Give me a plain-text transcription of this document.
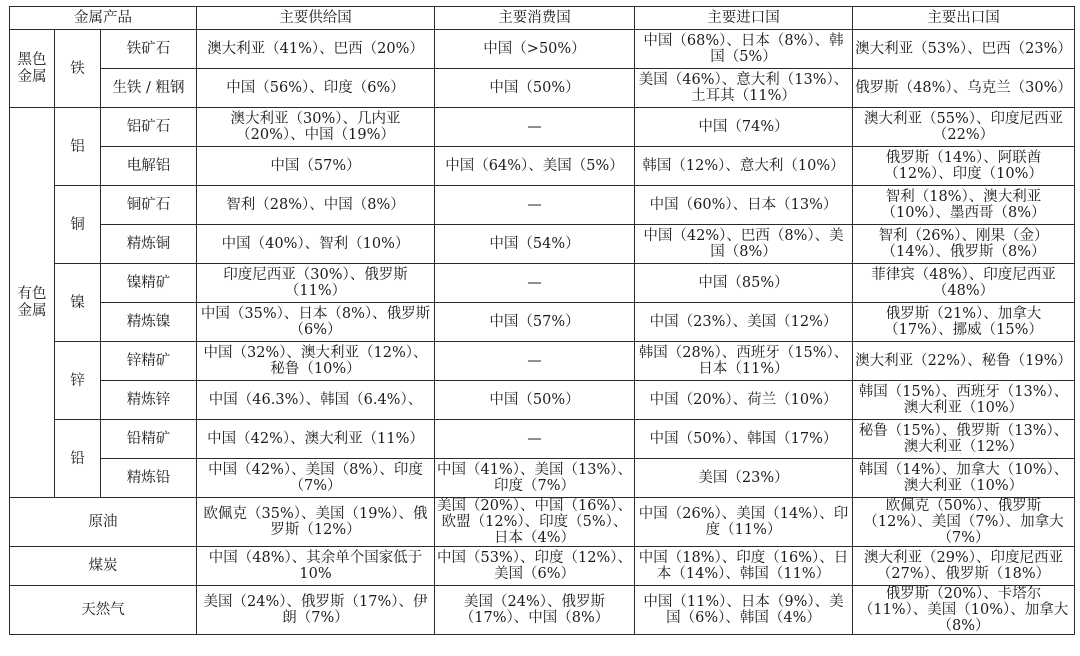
金属产品			主要供给国	主要消费国	主要进口国	主要出口国
黑色金属	铁	铁矿石	澳大利亚（41%）、巴西（20%）	中国（>50%）	中国（68%）、日本（8%）、韩国（5%）	澳大利亚（53%）、巴西（23%）
		生铁 / 粗钢	中国（56%）、印度（6%）	中国（50%）	美国（46%）、意大利（13%）、土耳其（11%）	俄罗斯（48%）、乌克兰（30%）
有色金属	铝	铝矿石	澳大利亚（30%）、几内亚（20%）、中国（19%）	—	中国（74%）	澳大利亚（55%）、印度尼西亚（22%）
		电解铝	中国（57%）	中国（64%）、美国（5%）	韩国（12%）、意大利（10%）	俄罗斯（14%）、阿联酋（12%）、印度（10%）
	铜	铜矿石	智利（28%）、中国（8%）	—	中国（60%）、日本（13%）	智利（18%）、澳大利亚（10%）、墨西哥（8%）
		精炼铜	中国（40%）、智利（10%）	中国（54%）	中国（42%）、巴西（8%）、美国（8%）	智利（26%）、刚果（金）（14%）、俄罗斯（8%）
	镍	镍精矿	印度尼西亚（30%）、俄罗斯（11%）	—	中国（85%）	菲律宾（48%）、印度尼西亚（48%）
		精炼镍	中国（35%）、日本（8%）、俄罗斯（6%）	中国（57%）	中国（23%）、美国（12%）	俄罗斯（21%）、加拿大（17%）、挪威（15%）
	锌	锌精矿	中国（32%）、澳大利亚（12%）、秘鲁（10%）	—	韩国（28%）、西班牙（15%）、日本（11%）	澳大利亚（22%）、秘鲁（19%）
		精炼锌	中国（46.3%）、韩国（6.4%）、	中国（50%）	中国（20%）、荷兰（10%）	韩国（15%）、西班牙（13%）、澳大利亚（10%）
	铅	铅精矿	中国（42%）、澳大利亚（11%）	—	中国（50%）、韩国（17%）	秘鲁（15%）、俄罗斯（13%）、澳大利亚（12%）
		精炼铅	中国（42%）、美国（8%）、印度（7%）	中国（41%）、美国（13%）、印度（7%）	美国（23%）	韩国（14%）、加拿大（10%）、澳大利亚（10%）
原油			欧佩克（35%）、美国（19%）、俄罗斯（12%）	美国（20%）、中国（16%）、欧盟（12%）、印度（5%）、日本（4%）	中国（26%）、美国（14%）、印度（11%）	欧佩克（50%）、俄罗斯（12%）、美国（7%）、加拿大（7%）
煤炭			中国（48%）、其余单个国家低于 10%	中国（53%）、印度（12%）、美国（6%）	中国（18%）、印度（16%）、日本（14%）、韩国（11%）	澳大利亚（29%）、印度尼西亚（27%）、俄罗斯（18%）
天然气			美国（24%）、俄罗斯（17%）、伊朗（7%）	美国（24%）、俄罗斯（17%）、中国（8%）	中国（11%）、日本（9%）、美国（6%）、韩国（4%）	俄罗斯（20%）、卡塔尔（11%）、美国（10%）、加拿大（8%）
